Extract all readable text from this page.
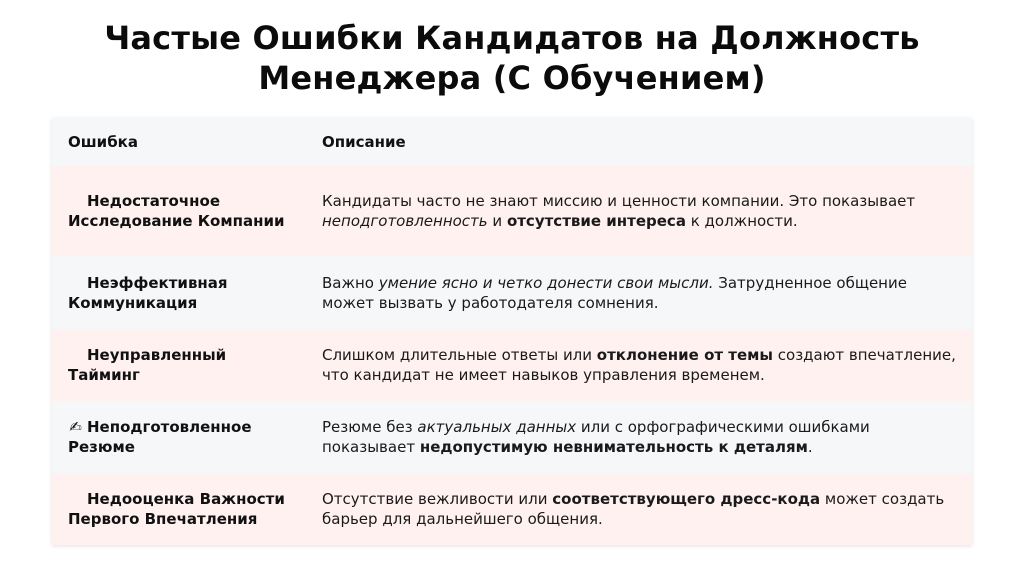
Частые Ошибки Кандидатов на Должность
Менеджера (С Обучением)
Ошибка	Описание
Недостаточное Исследование Компании
Кандидаты часто не знают миссию и ценности компании. Это показывает неподготовленность и отсутствие интереса к должности.
Неэффективная Коммуникация
Важно умение ясно и четко донести свои мысли. Затрудненное общение может вызвать у работодателя сомнения.
Неуправленный Тайминг
Слишком длительные ответы или отклонение от темы создают впечатление, что кандидат не имеет навыков управления временем.
✍ Неподготовленное Резюме
Резюме без актуальных данных или с орфографическими ошибками показывает недопустимую невнимательность к деталям.
Недооценка Важности Первого Впечатления
Отсутствие вежливости или соответствующего дресс-кода может создать барьер для дальнейшего общения.
